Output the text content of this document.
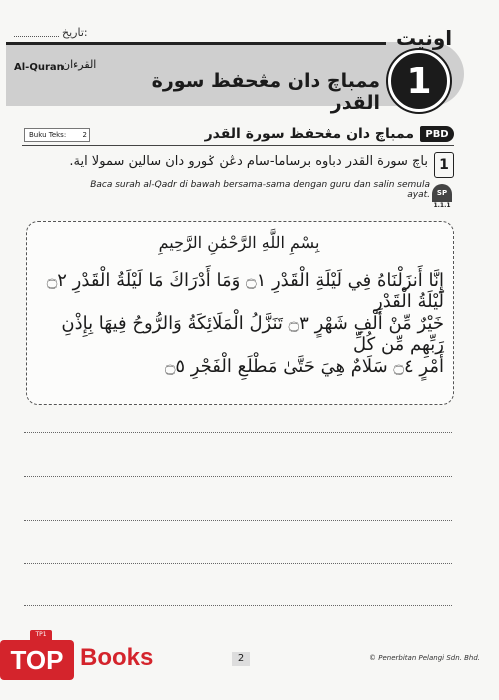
تاريخ:	اونيت
1
Al-Quran
القرءان
ممباچ دان مڠحفظ سورة القدر
Buku Teks: 2	ممباچ دان مڠحفظ سورة القدر	PBD
1
باچ سورة القدر دباوه برساما-سام دڠن ݢورو دان سالين سمولا اية.
Baca surah al-Qadr di bawah bersama-sama dengan guru dan salin semula ayat. SP
1.1.1
بِسْمِ اللَّهِ الرَّحْمَٰنِ الرَّحِيمِ
إِنَّا أَنزَلْنَاهُ فِي لَيْلَةِ الْقَدْرِ ۝١ وَمَا أَدْرَاكَ مَا لَيْلَةُ الْقَدْرِ ۝٢ لَيْلَةُ الْقَدْرِ
خَيْرٌ مِّنْ أَلْفِ شَهْرٍ ۝٣ تَنَزَّلُ الْمَلَائِكَةُ وَالرُّوحُ فِيهَا بِإِذْنِ رَبِّهِم مِّن كُلِّ
أَمْرٍ ۝٤ سَلَامٌ هِيَ حَتَّىٰ مَطْلَعِ الْفَجْرِ ۝٥
TP1
TOP Books	2	© Penerbitan Pelangi Sdn. Bhd.
